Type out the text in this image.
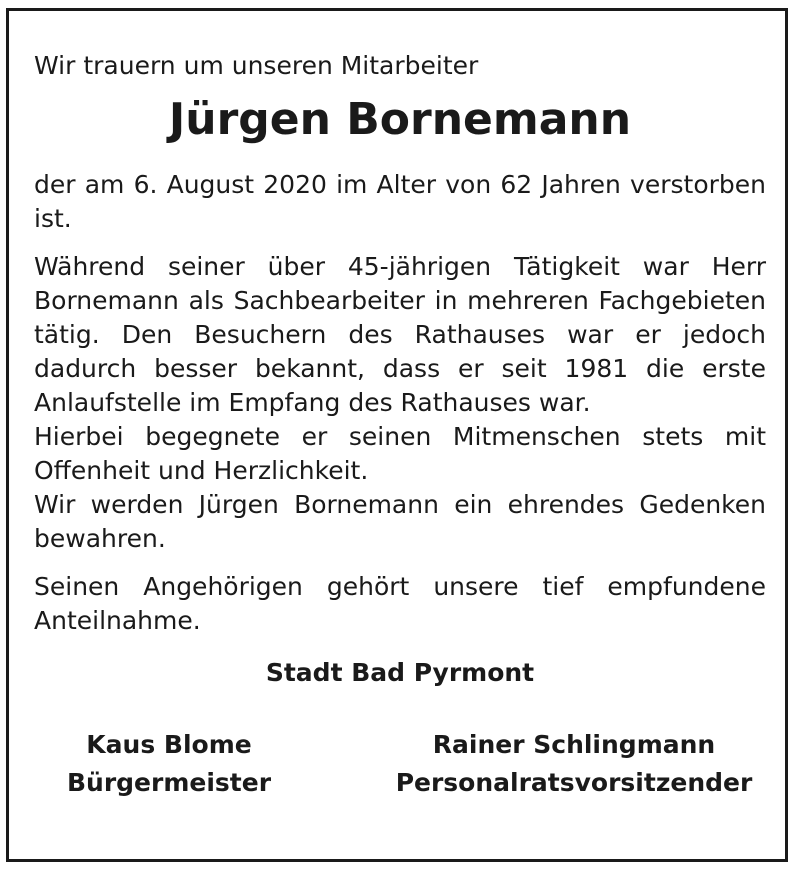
Wir trauern um unseren Mitarbeiter

Jürgen Bornemann

der am 6. August 2020 im Alter von 62 Jahren verstorben ist.

Während seiner über 45-jährigen Tätigkeit war Herr Bornemann als Sachbearbeiter in mehreren Fachgebieten tätig. Den Besuchern des Rathauses war er jedoch dadurch besser bekannt, dass er seit 1981 die erste Anlaufstelle im Empfang des Rathauses war.

Hierbei begegnete er seinen Mitmenschen stets mit Offenheit und Herzlichkeit.

Wir werden Jürgen Bornemann ein ehrendes Gedenken bewahren.

Seinen Angehörigen gehört unsere tief empfundene Anteilnahme.

Stadt Bad Pyrmont
Kaus Blome
Bürgermeister
Rainer Schlingmann
Personalratsvorsitzender
